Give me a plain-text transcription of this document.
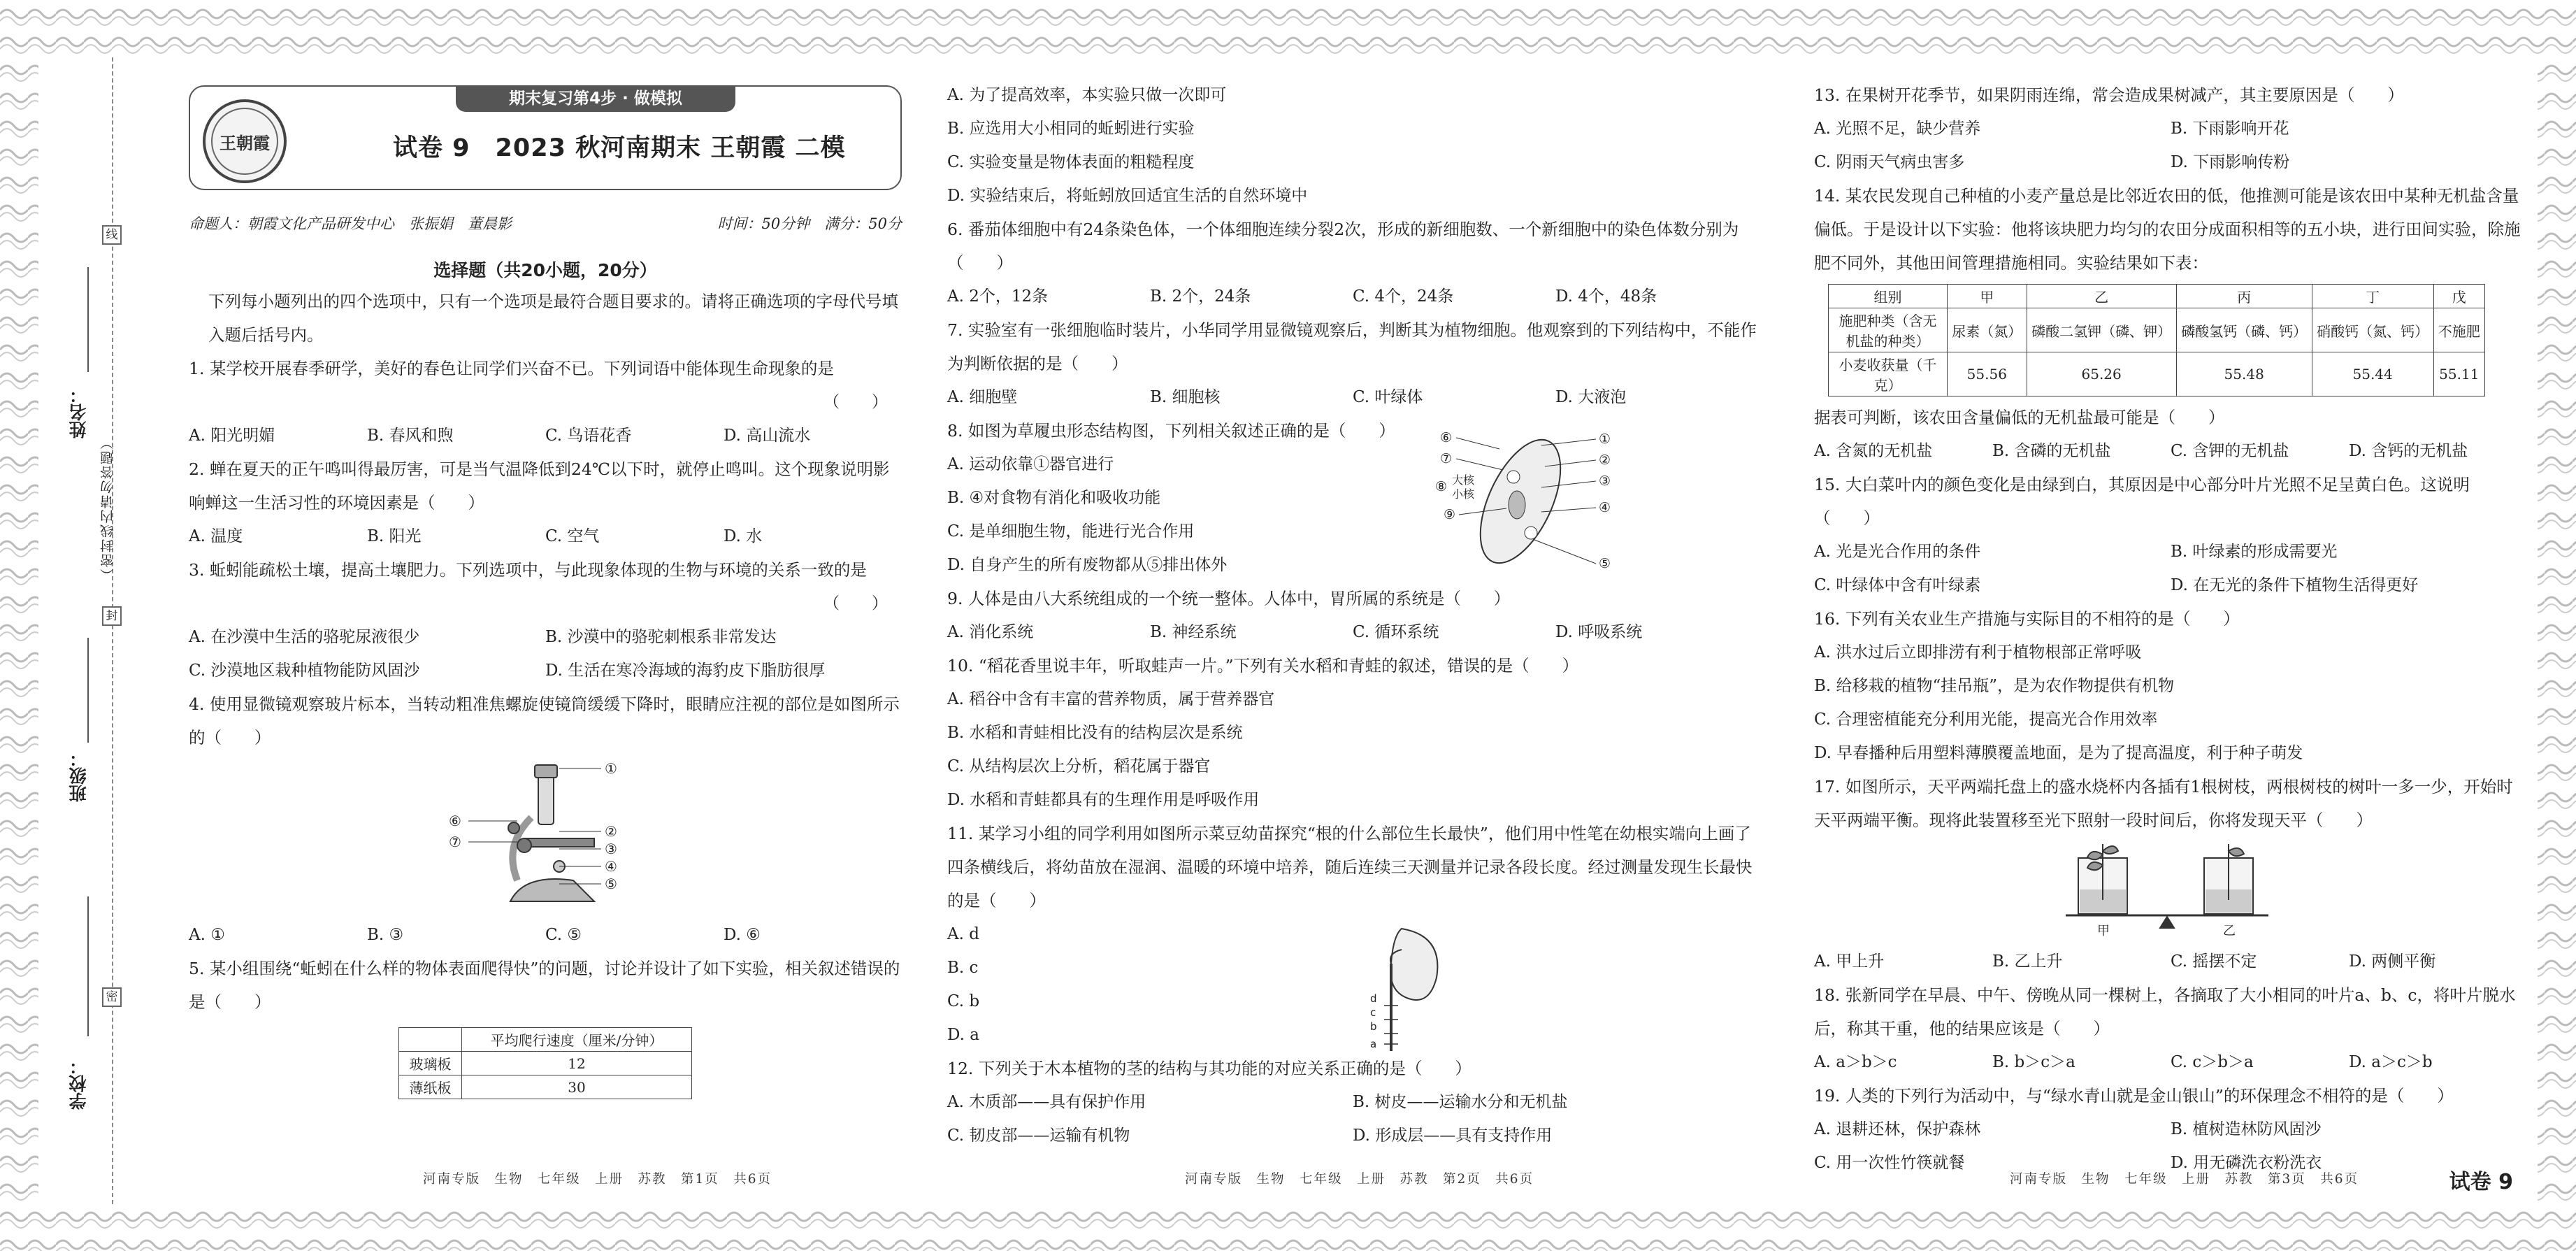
线
封
密
姓名：
（密封线内请勿答题）
班级：
学校：
期末复习第4步 · 做模拟
王朝霞	试卷 9　2023 秋河南期末 王朝霞 二模
命题人：朝霞文化产品研发中心　张振娟　董晨影	时间：50分钟　满分：50分
选择题（共20小题，20分）
下列每小题列出的四个选项中，只有一个选项是最符合题目要求的。请将正确选项的字母代号填入题后括号内。
1. 某学校开展春季研学，美好的春色让同学们兴奋不已。下列词语中能体现生命现象的是
（　　）
A. 阳光明媚	B. 春风和煦	C. 鸟语花香	D. 高山流水
2. 蝉在夏天的正午鸣叫得最厉害，可是当气温降低到24℃以下时，就停止鸣叫。这个现象说明影响蝉这一生活习性的环境因素是（　　）
A. 温度	B. 阳光	C. 空气	D. 水
3. 蚯蚓能疏松土壤，提高土壤肥力。下列选项中，与此现象体现的生物与环境的关系一致的是
（　　）
A. 在沙漠中生活的骆驼尿液很少	B. 沙漠中的骆驼刺根系非常发达
C. 沙漠地区栽种植物能防风固沙	D. 生活在寒冷海域的海豹皮下脂肪很厚
4. 使用显微镜观察玻片标本，当转动粗准焦螺旋使镜筒缓缓下降时，眼睛应注视的部位是如图所示的（　　）
①
②
③
④
⑤
⑥
⑦
A. ①	B. ③	C. ⑤	D. ⑥
5. 某小组围绕“蚯蚓在什么样的物体表面爬得快”的问题，讨论并设计了如下实验，相关叙述错误的是（　　）
	平均爬行速度（厘米/分钟）
玻璃板	12
薄纸板	30
河南专版　生物　七年级　上册　苏教　第1页　共6页
A. 为了提高效率，本实验只做一次即可
B. 应选用大小相同的蚯蚓进行实验
C. 实验变量是物体表面的粗糙程度
D. 实验结束后，将蚯蚓放回适宜生活的自然环境中
6. 番茄体细胞中有24条染色体，一个体细胞连续分裂2次，形成的新细胞数、一个新细胞中的染色体数分别为（　　）
A. 2个，12条	B. 2个，24条	C. 4个，24条	D. 4个，48条
7. 实验室有一张细胞临时装片，小华同学用显微镜观察后，判断其为植物细胞。他观察到的下列结构中，不能作为判断依据的是（　　）
A. 细胞壁	B. 细胞核	C. 叶绿体	D. 大液泡
8. 如图为草履虫形态结构图，下列相关叙述正确的是（　　）
A. 运动依靠①器官进行
B. ④对食物有消化和吸收功能
C. 是单细胞生物，能进行光合作用
D. 自身产生的所有废物都从⑤排出体外
⑥
⑦
①
②
③
④
⑤
⑨
⑧ 大核
小核
9. 人体是由八大系统组成的一个统一整体。人体中，胃所属的系统是（　　）
A. 消化系统	B. 神经系统	C. 循环系统	D. 呼吸系统
10. “稻花香里说丰年，听取蛙声一片。”下列有关水稻和青蛙的叙述，错误的是（　　）
A. 稻谷中含有丰富的营养物质，属于营养器官
B. 水稻和青蛙相比没有的结构层次是系统
C. 从结构层次上分析，稻花属于器官
D. 水稻和青蛙都具有的生理作用是呼吸作用
11. 某学习小组的同学利用如图所示菜豆幼苗探究“根的什么部位生长最快”，他们用中性笔在幼根实端向上画了四条横线后，将幼苗放在湿润、温暖的环境中培养，随后连续三天测量并记录各段长度。经过测量发现生长最快的是（　　）
A. d
B. c
C. b
D. a
d
c
b
a
12. 下列关于木本植物的茎的结构与其功能的对应关系正确的是（　　）
A. 木质部——具有保护作用	B. 树皮——运输水分和无机盐
C. 韧皮部——运输有机物	D. 形成层——具有支持作用
河南专版　生物　七年级　上册　苏教　第2页　共6页
13. 在果树开花季节，如果阴雨连绵，常会造成果树减产，其主要原因是（　　）
A. 光照不足，缺少营养	B. 下雨影响开花
C. 阴雨天气病虫害多	D. 下雨影响传粉
14. 某农民发现自己种植的小麦产量总是比邻近农田的低，他推测可能是该农田中某种无机盐含量偏低。于是设计以下实验：他将该块肥力均匀的农田分成面积相等的五小块，进行田间实验，除施肥不同外，其他田间管理措施相同。实验结果如下表：
组别	甲	乙	丙	丁	戊
施肥种类（含无机盐的种类）	尿素（氮）	磷酸二氢钾（磷、钾）	磷酸氢钙（磷、钙）	硝酸钙（氮、钙）	不施肥
小麦收获量（千克）	55.56	65.26	55.48	55.44	55.11
据表可判断，该农田含量偏低的无机盐最可能是（　　）
A. 含氮的无机盐	B. 含磷的无机盐	C. 含钾的无机盐	D. 含钙的无机盐
15. 大白菜叶内的颜色变化是由绿到白，其原因是中心部分叶片光照不足呈黄白色。这说明（　　）
A. 光是光合作用的条件	B. 叶绿素的形成需要光
C. 叶绿体中含有叶绿素	D. 在无光的条件下植物生活得更好
16. 下列有关农业生产措施与实际目的不相符的是（　　）
A. 洪水过后立即排涝有利于植物根部正常呼吸
B. 给移栽的植物“挂吊瓶”，是为农作物提供有机物
C. 合理密植能充分利用光能，提高光合作用效率
D. 早春播种后用塑料薄膜覆盖地面，是为了提高温度，利于种子萌发
17. 如图所示，天平两端托盘上的盛水烧杯内各插有1根树枝，两根树枝的树叶一多一少，开始时天平两端平衡。现将此装置移至光下照射一段时间后，你将发现天平（　　）
甲	乙
A. 甲上升	B. 乙上升	C. 摇摆不定	D. 两侧平衡
18. 张新同学在早晨、中午、傍晚从同一棵树上，各摘取了大小相同的叶片a、b、c，将叶片脱水后，称其干重，他的结果应该是（　　）
A. a＞b＞c	B. b＞c＞a	C. c＞b＞a	D. a＞c＞b
19. 人类的下列行为活动中，与“绿水青山就是金山银山”的环保理念不相符的是（　　）
A. 退耕还林，保护森林	B. 植树造林防风固沙
C. 用一次性竹筷就餐	D. 用无磷洗衣粉洗衣
河南专版　生物　七年级　上册　苏教　第3页　共6页	试卷 9
